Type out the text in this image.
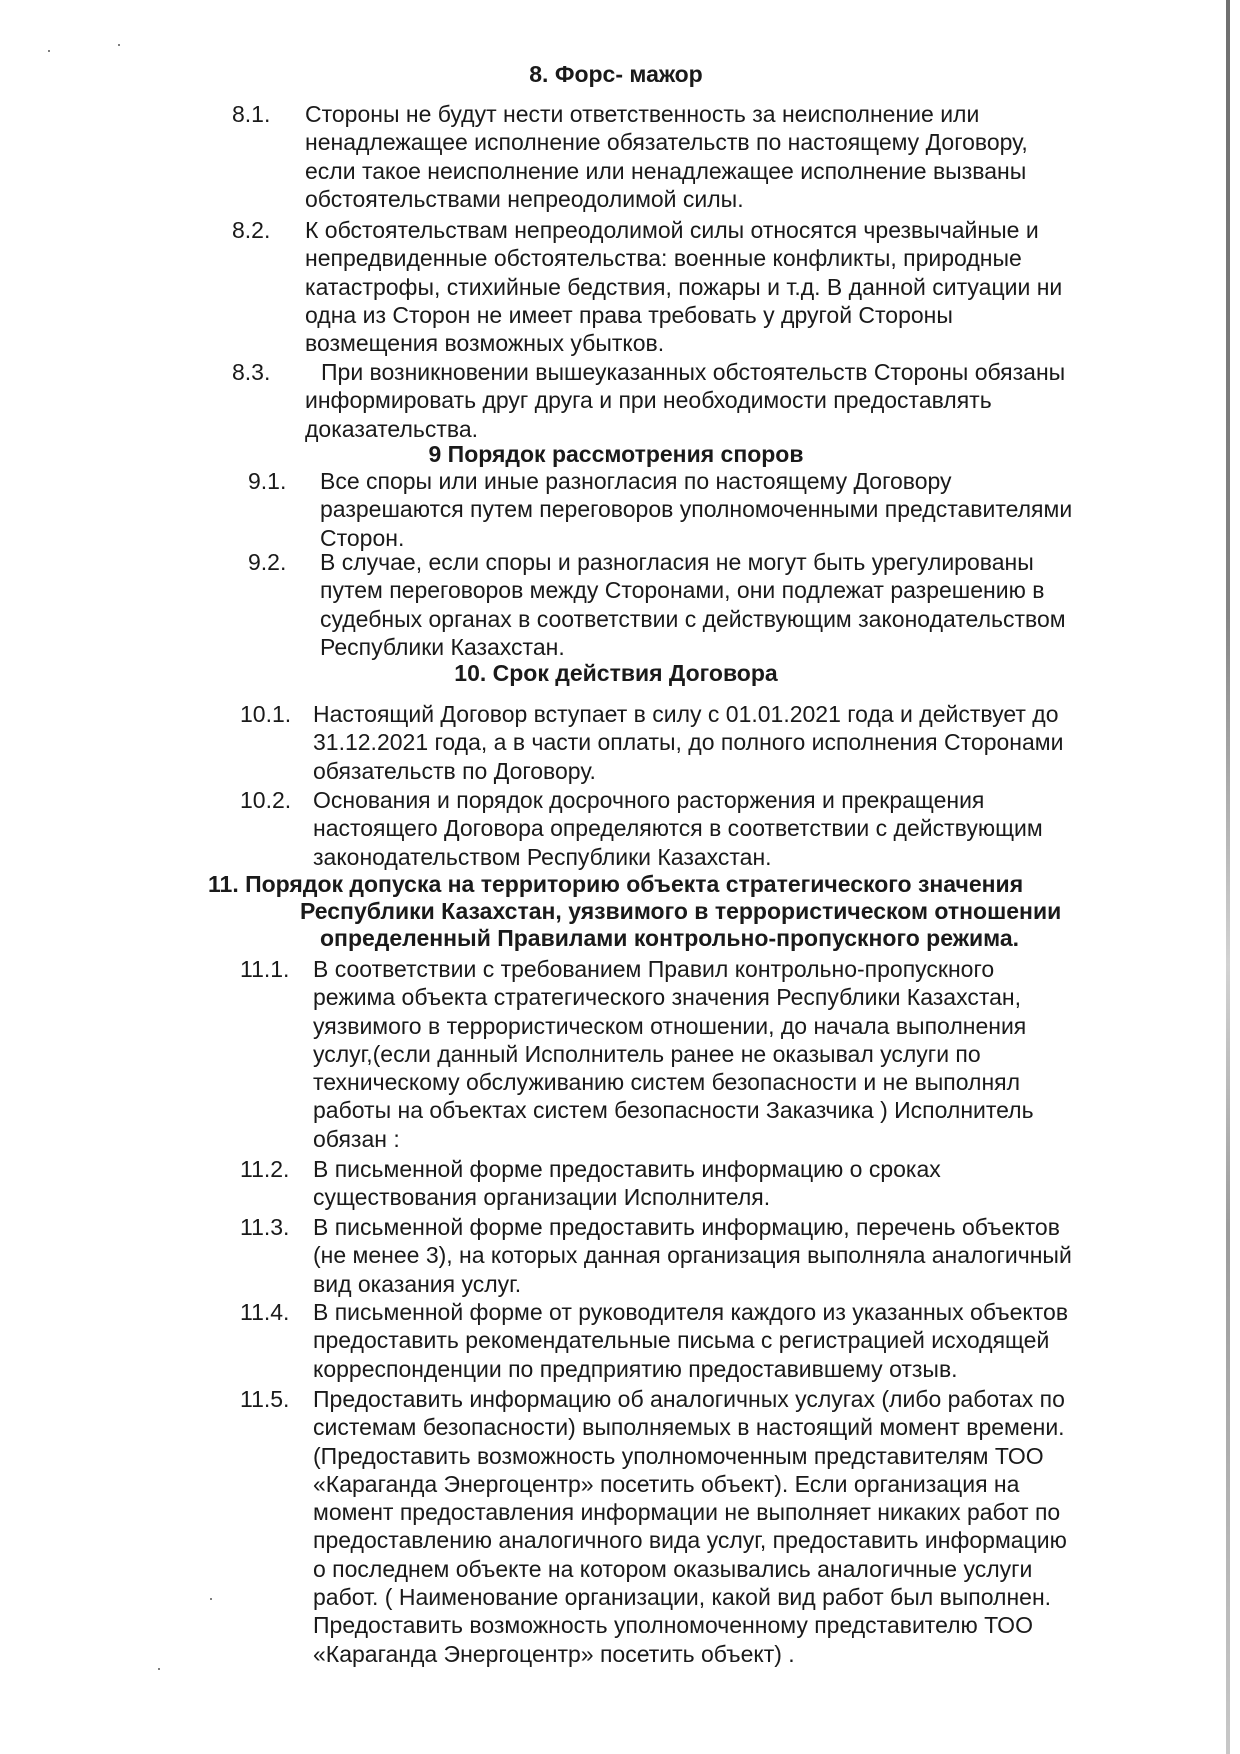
8. Форс- мажор
8.1. Стороны не будут нести ответственность за неисполнение или
ненадлежащее исполнение обязательств по настоящему Договору,
если такое неисполнение или ненадлежащее исполнение вызваны
обстоятельствами непреодолимой силы.
8.2. К обстоятельствам непреодолимой силы относятся чрезвычайные и
непредвиденные обстоятельства: военные конфликты, природные
катастрофы, стихийные бедствия, пожары и т.д. В данной ситуации ни
одна из Сторон не имеет права требовать у другой Стороны
возмещения возможных убытков.
8.3.	При возникновении вышеуказанных обстоятельств Стороны обязаны
информировать друг друга и при необходимости предоставлять
доказательства.
9 Порядок рассмотрения споров
9.1. Все споры или иные разногласия по настоящему Договору
разрешаются путем переговоров уполномоченными представителями
Сторон.
9.2. В случае, если споры и разногласия не могут быть урегулированы
путем переговоров между Сторонами, они подлежат разрешению в
судебных органах в соответствии с действующим законодательством
Республики Казахстан.
10. Срок действия Договора
10.1. Настоящий Договор вступает в силу с 01.01.2021 года и действует до
31.12.2021 года, а в части оплаты, до полного исполнения Сторонами
обязательств по Договору.
10.2. Основания и порядок досрочного расторжения и прекращения
настоящего Договора определяются в соответствии с действующим
законодательством Республики Казахстан.
11. Порядок допуска на территорию объекта стратегического значения
Республики Казахстан, уязвимого в террористическом отношении
определенный Правилами контрольно-пропускного режима.
11.1. В соответствии с требованием Правил контрольно-пропускного
режима объекта стратегического значения Республики Казахстан,
уязвимого в террористическом отношении, до начала выполнения
услуг,(если данный Исполнитель ранее не оказывал услуги по
техническому обслуживанию систем безопасности и не выполнял
работы на объектах систем безопасности Заказчика ) Исполнитель
обязан :
11.2. В письменной форме предоставить информацию о сроках
существования организации Исполнителя.
11.3. В письменной форме предоставить информацию, перечень объектов
(не менее 3), на которых данная организация выполняла аналогичный
вид оказания услуг.
11.4. В письменной форме от руководителя каждого из указанных объектов
предоставить рекомендательные письма с регистрацией исходящей
корреспонденции по предприятию предоставившему отзыв.
11.5. Предоставить информацию об аналогичных услугах (либо работах по
системам безопасности) выполняемых в настоящий момент времени.
(Предоставить возможность уполномоченным представителям ТОО
«Караганда Энергоцентр» посетить объект). Если организация на
момент предоставления информации не выполняет никаких работ по
предоставлению аналогичного вида услуг, предоставить информацию
о последнем объекте на котором оказывались аналогичные услуги
работ. ( Наименование организации, какой вид работ был выполнен.
Предоставить возможность уполномоченному представителю ТОО
«Караганда Энергоцентр» посетить объект) .
